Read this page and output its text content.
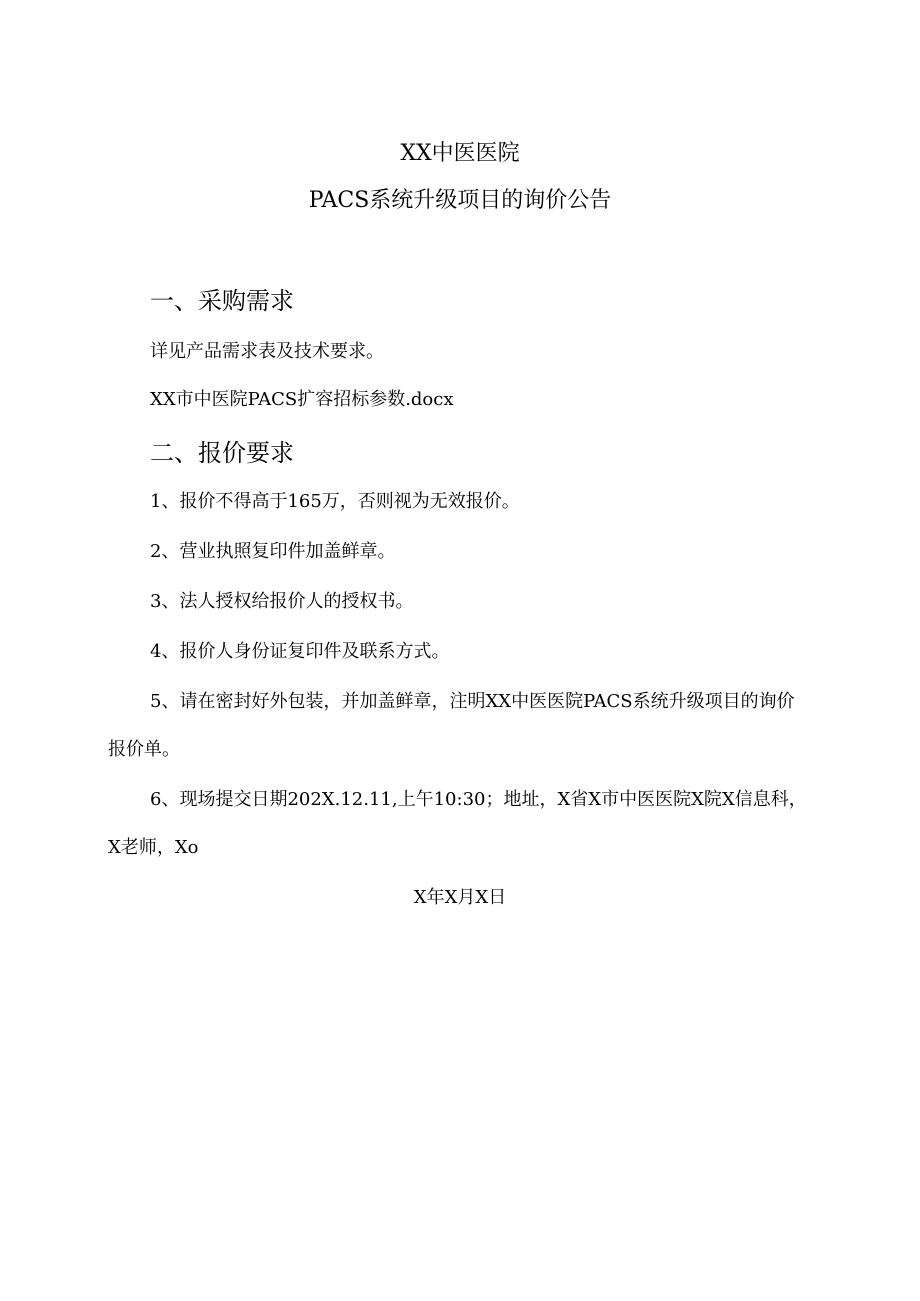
XX中医医院
PACS系统升级项目的询价公告
一、采购需求
详见产品需求表及技术要求。
XX市中医院PACS扩容招标参数.docx
二、报价要求
1、报价不得高于165万，否则视为无效报价。
2、营业执照复印件加盖鲜章。
3、法人授权给报价人的授权书。
4、报价人身份证复印件及联系方式。
5、请在密封好外包装，并加盖鲜章，注明XX中医医院PACS系统升级项目的询价
报价单。
6、现场提交日期202X.12.11,上午10:30；地址，X省X市中医医院X院X信息科，
X老师，Xo
X年X月X日
